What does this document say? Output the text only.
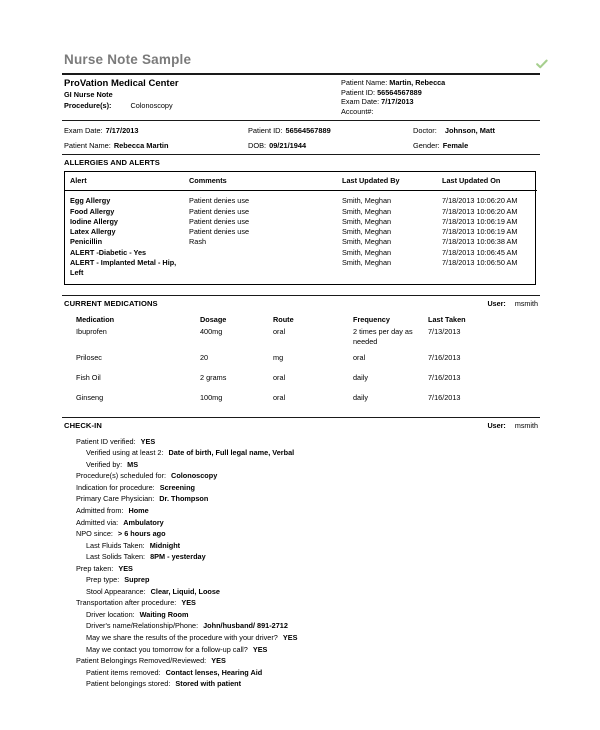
Nurse Note Sample
ProVation Medical Center
GI Nurse Note
Procedure(s):	Colonoscopy
Patient Name: Martin, Rebecca
Patient ID: 56564567889
Exam Date: 7/17/2013
Account#:
Exam Date: 7/17/2013	Patient ID: 56564567889	Doctor: Johnson, Matt
Patient Name: Rebecca Martin	DOB: 09/21/1944	Gender: Female
ALLERGIES AND ALERTS
Alert	Comments	Last Updated By	Last Updated On
Egg Allergy	Patient denies use	Smith, Meghan	7/18/2013 10:06:20 AM
Food Allergy	Patient denies use	Smith, Meghan	7/18/2013 10:06:20 AM
Iodine Allergy	Patient denies use	Smith, Meghan	7/18/2013 10:06:19 AM
Latex Allergy	Patient denies use	Smith, Meghan	7/18/2013 10:06:19 AM
Penicillin	Rash	Smith, Meghan	7/18/2013 10:06:38 AM
ALERT -Diabetic - Yes		Smith, Meghan	7/18/2013 10:06:45 AM
ALERT - Implanted Metal - Hip, Left		Smith, Meghan	7/18/2013 10:06:50 AM
CURRENT MEDICATIONS	User: msmith
	Medication	Dosage	Route	Frequency	Last Taken
	Ibuprofen	400mg	oral	2 times per day as needed	7/13/2013
	Prilosec	20	mg	oral	7/16/2013
	Fish Oil	2 grams	oral	daily	7/16/2013
	Ginseng	100mg	oral	daily	7/16/2013
CHECK-IN	User: msmith
Patient ID verified: YES
Verified using at least 2: Date of birth, Full legal name, Verbal
Verified by: MS
Procedure(s) scheduled for: Colonoscopy
Indication for procedure: Screening
Primary Care Physician: Dr. Thompson
Admitted from: Home
Admitted via: Ambulatory
NPO since: > 6 hours ago
Last Fluids Taken: Midnight
Last Solids Taken: 8PM - yesterday
Prep taken: YES
Prep type: Suprep
Stool Appearance: Clear, Liquid, Loose
Transportation after procedure: YES
Driver location: Waiting Room
Driver's name/Relationship/Phone: John/husband/ 891-2712
May we share the results of the procedure with your driver? YES
May we contact you tomorrow for a follow-up call? YES
Patient Belongings Removed/Reviewed: YES
Patient items removed: Contact lenses, Hearing Aid
Patient belongings stored: Stored with patient
